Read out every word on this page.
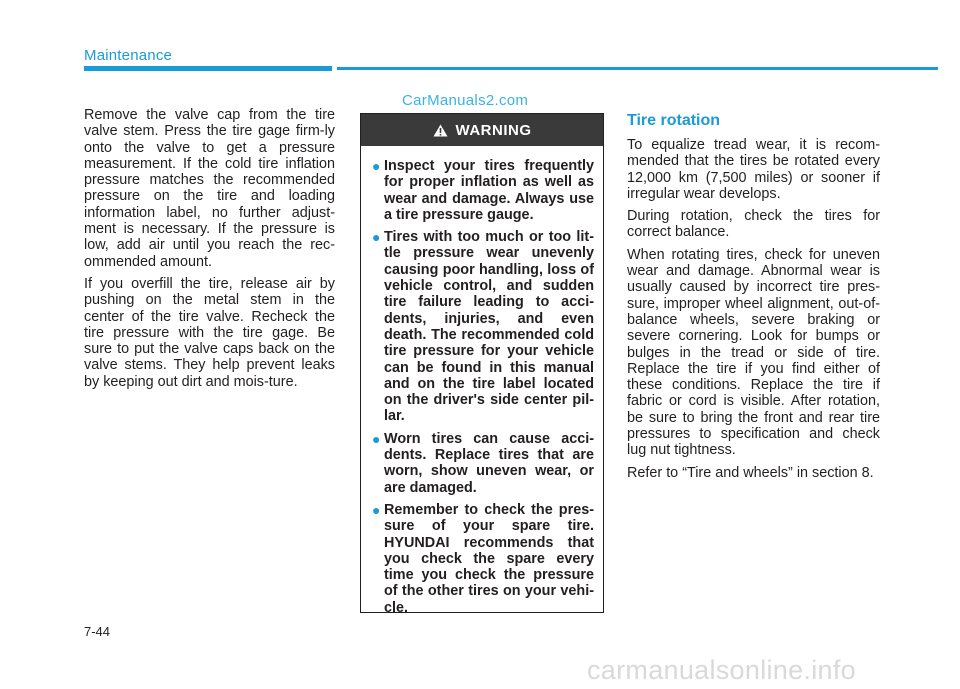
Maintenance
CarManuals2.com

Remove the valve cap from the tire valve stem. Press the tire gage firm-ly onto the valve to get a pressure measurement. If the cold tire inflation pressure matches the recommended pressure on the tire and loading information label, no further adjust-ment is necessary. If the pressure is low, add air until you reach the rec-ommended amount.

If you overfill the tire, release air by pushing on the metal stem in the center of the tire valve. Recheck the tire pressure with the tire gage. Be sure to put the valve caps back on the valve stems. They help prevent leaks by keeping out dirt and mois-ture.

WARNING
● Inspect your tires frequently for proper inflation as well as wear and damage. Always use a tire pressure gauge.
● Tires with too much or too lit-tle pressure wear unevenly causing poor handling, loss of vehicle control, and sudden tire failure leading to acci-dents, injuries, and even death. The recommended cold tire pressure for your vehicle can be found in this manual and on the tire label located on the driver's side center pil-lar.
● Worn tires can cause acci-dents. Replace tires that are worn, show uneven wear, or are damaged.
● Remember to check the pres-sure of your spare tire. HYUNDAI recommends that you check the spare every time you check the pressure of the other tires on your vehi-cle.
Tire rotation

To equalize tread wear, it is recom-mended that the tires be rotated every 12,000 km (7,500 miles) or sooner if irregular wear develops.

During rotation, check the tires for correct balance.

When rotating tires, check for uneven wear and damage. Abnormal wear is usually caused by incorrect tire pres-sure, improper wheel alignment, out-of-balance wheels, severe braking or severe cornering. Look for bumps or bulges in the tread or side of tire. Replace the tire if you find either of these conditions. Replace the tire if fabric or cord is visible. After rotation, be sure to bring the front and rear tire pressures to specification and check lug nut tightness.

Refer to “Tire and wheels” in section 8.

7-44

carmanualsonline.info
